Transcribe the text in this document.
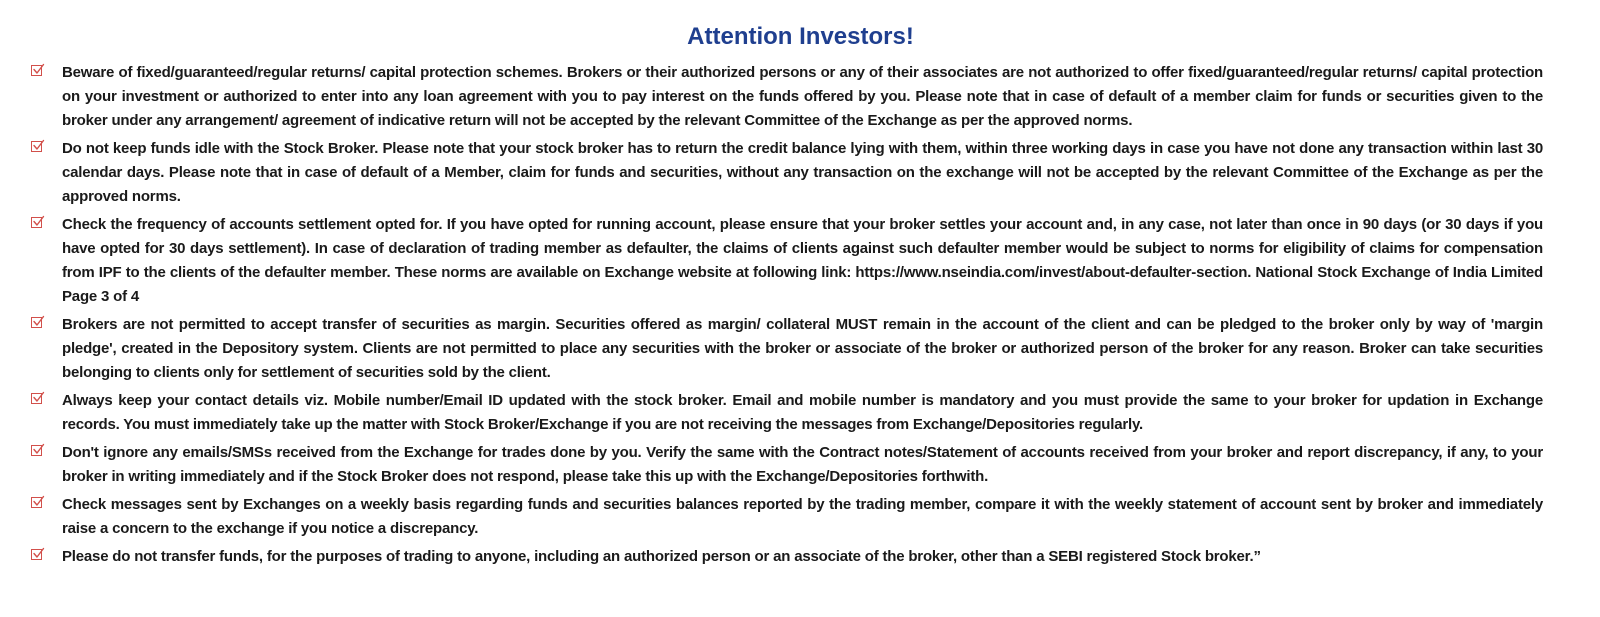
Attention Investors!
Beware of fixed/guaranteed/regular returns/ capital protection schemes. Brokers or their authorized persons or any of their associates are not authorized to offer fixed/guaranteed/regular returns/ capital protection on your investment or authorized to enter into any loan agreement with you to pay interest on the funds offered by you. Please note that in case of default of a member claim for funds or securities given to the broker under any arrangement/ agreement of indicative return will not be accepted by the relevant Committee of the Exchange as per the approved norms.
Do not keep funds idle with the Stock Broker. Please note that your stock broker has to return the credit balance lying with them, within three working days in case you have not done any transaction within last 30 calendar days. Please note that in case of default of a Member, claim for funds and securities, without any transaction on the exchange will not be accepted by the relevant Committee of the Exchange as per the approved norms.
Check the frequency of accounts settlement opted for. If you have opted for running account, please ensure that your broker settles your account and, in any case, not later than once in 90 days (or 30 days if you have opted for 30 days settlement). In case of declaration of trading member as defaulter, the claims of clients against such defaulter member would be subject to norms for eligibility of claims for compensation from IPF to the clients of the defaulter member. These norms are available on Exchange website at following link: https://www.nseindia.com/invest/about-defaulter-section. National Stock Exchange of India Limited Page 3 of 4
Brokers are not permitted to accept transfer of securities as margin. Securities offered as margin/ collateral MUST remain in the account of the client and can be pledged to the broker only by way of 'margin pledge', created in the Depository system. Clients are not permitted to place any securities with the broker or associate of the broker or authorized person of the broker for any reason. Broker can take securities belonging to clients only for settlement of securities sold by the client.
Always keep your contact details viz. Mobile number/Email ID updated with the stock broker. Email and mobile number is mandatory and you must provide the same to your broker for updation in Exchange records. You must immediately take up the matter with Stock Broker/Exchange if you are not receiving the messages from Exchange/Depositories regularly.
Don't ignore any emails/SMSs received from the Exchange for trades done by you. Verify the same with the Contract notes/Statement of accounts received from your broker and report discrepancy, if any, to your broker in writing immediately and if the Stock Broker does not respond, please take this up with the Exchange/Depositories forthwith.
Check messages sent by Exchanges on a weekly basis regarding funds and securities balances reported by the trading member, compare it with the weekly statement of account sent by broker and immediately raise a concern to the exchange if you notice a discrepancy.
Please do not transfer funds, for the purposes of trading to anyone, including an authorized person or an associate of the broker, other than a SEBI registered Stock broker.”
